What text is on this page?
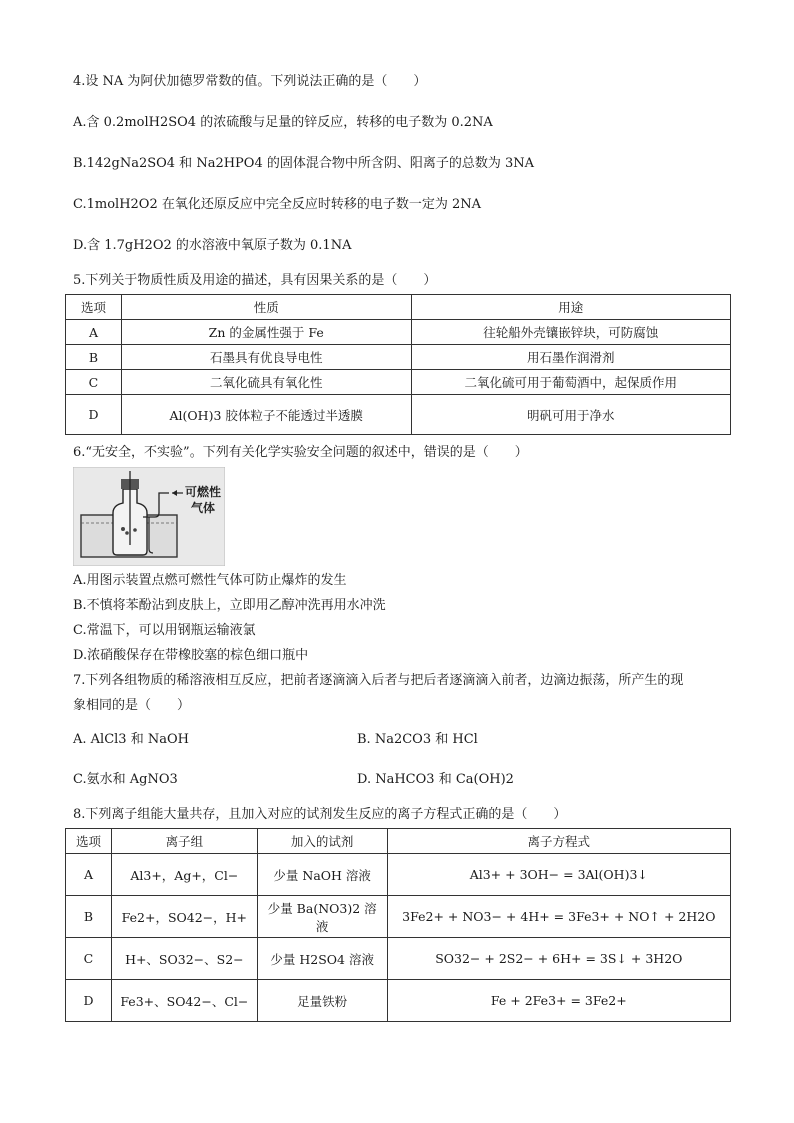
4.设 NA 为阿伏加德罗常数的值。下列说法正确的是（　　）
A.含 0.2molH2SO4 的浓硫酸与足量的锌反应，转移的电子数为 0.2NA
B.142gNa2SO4 和 Na2HPO4 的固体混合物中所含阴、阳离子的总数为 3NA
C.1molH2O2 在氧化还原反应中完全反应时转移的电子数一定为 2NA
D.含 1.7gH2O2 的水溶液中氧原子数为 0.1NA
5.下列关于物质性质及用途的描述，具有因果关系的是（　　）
选项	性质	用途
A	Zn 的金属性强于 Fe	往轮船外壳镶嵌锌块，可防腐蚀
B	石墨具有优良导电性	用石墨作润滑剂
C	二氧化硫具有氧化性	二氧化硫可用于葡萄酒中，起保质作用
D	Al(OH)3 胶体粒子不能透过半透膜	明矾可用于净水
6.“无安全，不实验”。下列有关化学实验安全问题的叙述中，错误的是（　　）
可燃性
气体
A.用图示装置点燃可燃性气体可防止爆炸的发生
B.不慎将苯酚沾到皮肤上，立即用乙醇冲洗再用水冲洗
C.常温下，可以用钢瓶运输液氯
D.浓硝酸保存在带橡胶塞的棕色细口瓶中
7.下列各组物质的稀溶液相互反应，把前者逐滴滴入后者与把后者逐滴滴入前者，边滴边振荡，所产生的现
象相同的是（　　）
A. AlCl3 和 NaOH	B. Na2CO3 和 HCl
C.氨水和 AgNO3	D. NaHCO3 和 Ca(OH)2
8.下列离子组能大量共存，且加入对应的试剂发生反应的离子方程式正确的是（　　）
选项	离子组	加入的试剂	离子方程式
A	Al3+，Ag+，Cl−	少量 NaOH 溶液	Al3+ + 3OH− = 3Al(OH)3↓
B	Fe2+，SO42−，H+	少量 Ba(NO3)2 溶液	3Fe2+ + NO3− + 4H+ = 3Fe3+ + NO↑ + 2H2O
C	H+、SO32−、S2−	少量 H2SO4 溶液	SO32− + 2S2− + 6H+ = 3S↓ + 3H2O
D	Fe3+、SO42−、Cl−	足量铁粉	Fe + 2Fe3+ = 3Fe2+
